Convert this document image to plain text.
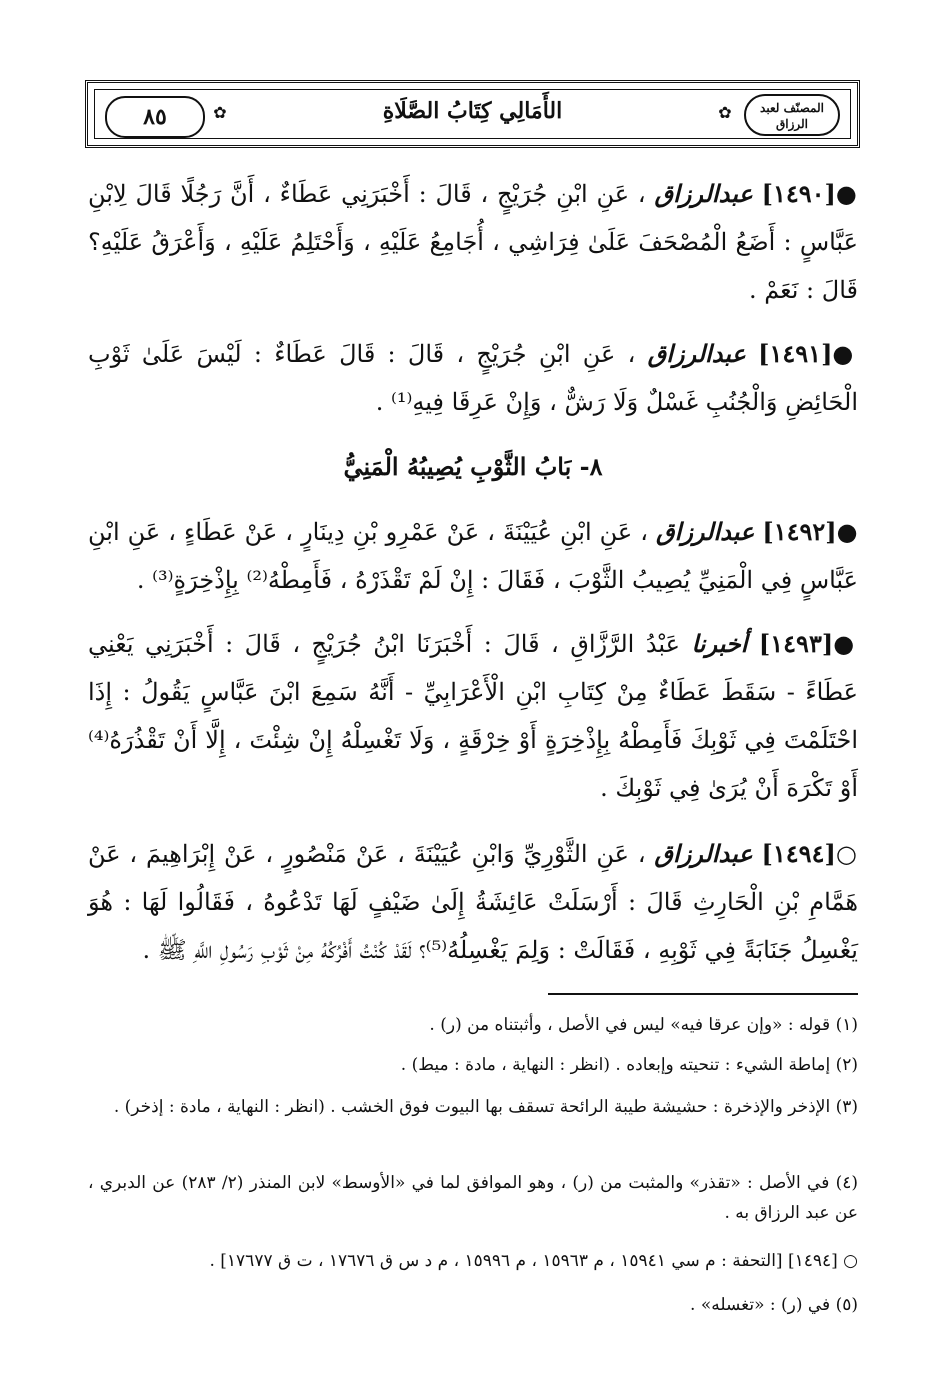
المصنّف لعبد الرزاق
✿
الأَمَالِي كِتَابُ الصَّلَاةِ
✿
٨٥
●[١٤٩٠] عبدالرزاق ، عَنِ ابْنِ جُرَيْجٍ ، قَالَ : أَخْبَرَنِي عَطَاءٌ ، أَنَّ رَجُلًا قَالَ لِابْنِ عَبَّاسٍ : أَضَعُ الْمُصْحَفَ عَلَىٰ فِرَاشِي ، أُجَامِعُ عَلَيْهِ ، وَأَحْتَلِمُ عَلَيْهِ ، وَأَعْرَقُ عَلَيْهِ؟ قَالَ : نَعَمْ .
●[١٤٩١] عبدالرزاق ، عَنِ ابْنِ جُرَيْجٍ ، قَالَ : قَالَ عَطَاءٌ : لَيْسَ عَلَىٰ ثَوْبِ الْحَائِضِ وَالْجُنُبِ غَسْلٌ وَلَا رَشٌّ ، وَإِنْ عَرِقَا فِيهِ⁽¹⁾ .
٨- بَابُ الثَّوْبِ يُصِيبُهُ الْمَنِيُّ
●[١٤٩٢] عبدالرزاق ، عَنِ ابْنِ عُيَيْنَةَ ، عَنْ عَمْرِو بْنِ دِينَارٍ ، عَنْ عَطَاءٍ ، عَنِ ابْنِ عَبَّاسٍ فِي الْمَنِيِّ يُصِيبُ الثَّوْبَ ، فَقَالَ : إِنْ لَمْ تَقْذَرْهُ ، فَأَمِطْهُ⁽²⁾ بِإِذْخِرَةٍ⁽³⁾ .
●[١٤٩٣] أخبرنا عَبْدُ الرَّزَّاقِ ، قَالَ : أَخْبَرَنَا ابْنُ جُرَيْجٍ ، قَالَ : أَخْبَرَنِي يَعْنِي عَطَاءً - سَقَطَ عَطَاءٌ مِنْ كِتَابِ ابْنِ الْأَعْرَابِيِّ - أَنَّهُ سَمِعَ ابْنَ عَبَّاسٍ يَقُولُ : إِذَا احْتَلَمْتَ فِي ثَوْبِكَ فَأَمِطْهُ بِإِذْخِرَةٍ أَوْ خِرْقَةٍ ، وَلَا تَغْسِلْهُ إِنْ شِئْتَ ، إِلَّا أَنْ تَقْذُرَهُ⁽⁴⁾ أَوْ تَكْرَهَ أَنْ يُرَىٰ فِي ثَوْبِكَ .
○[١٤٩٤] عبدالرزاق ، عَنِ الثَّوْرِيِّ وَابْنِ عُيَيْنَةَ ، عَنْ مَنْصُورٍ ، عَنْ إِبْرَاهِيمَ ، عَنْ هَمَّامِ بْنِ الْحَارِثِ قَالَ : أَرْسَلَتْ عَائِشَةُ إِلَىٰ ضَيْفٍ لَهَا تَدْعُوهُ ، فَقَالُوا لَهَا : هُوَ يَغْسِلُ جَنَابَةً فِي ثَوْبِهِ ، فَقَالَتْ : وَلِمَ يَغْسِلُهُ⁽⁵⁾؟ لَقَدْ كُنْتُ أَفْرُكُهُ مِنْ ثَوْبِ رَسُولِ اللَّهِ ﷺ .
(١) قوله : «وإن عرقا فيه» ليس في الأصل ، وأثبتناه من (ر) .
(٢) إماطة الشيء : تنحيته وإبعاده . (انظر : النهاية ، مادة : ميط) .
(٣) الإذخر والإذخرة : حشيشة طيبة الرائحة تسقف بها البيوت فوق الخشب . (انظر : النهاية ، مادة : إذخر) .
(٤) في الأصل : «تقذر» والمثبت من (ر) ، وهو الموافق لما في «الأوسط» لابن المنذر (٢/ ٢٨٣) عن الدبري ، عن عبد الرزاق به .
○ [١٤٩٤] [التحفة : م سي ١٥٩٤١ ، م ١٥٩٦٣ ، م ١٥٩٩٦ ، م د س ق ١٧٦٧٦ ، ت ق ١٧٦٧٧] .
(٥) في (ر) : «تغسله» .
